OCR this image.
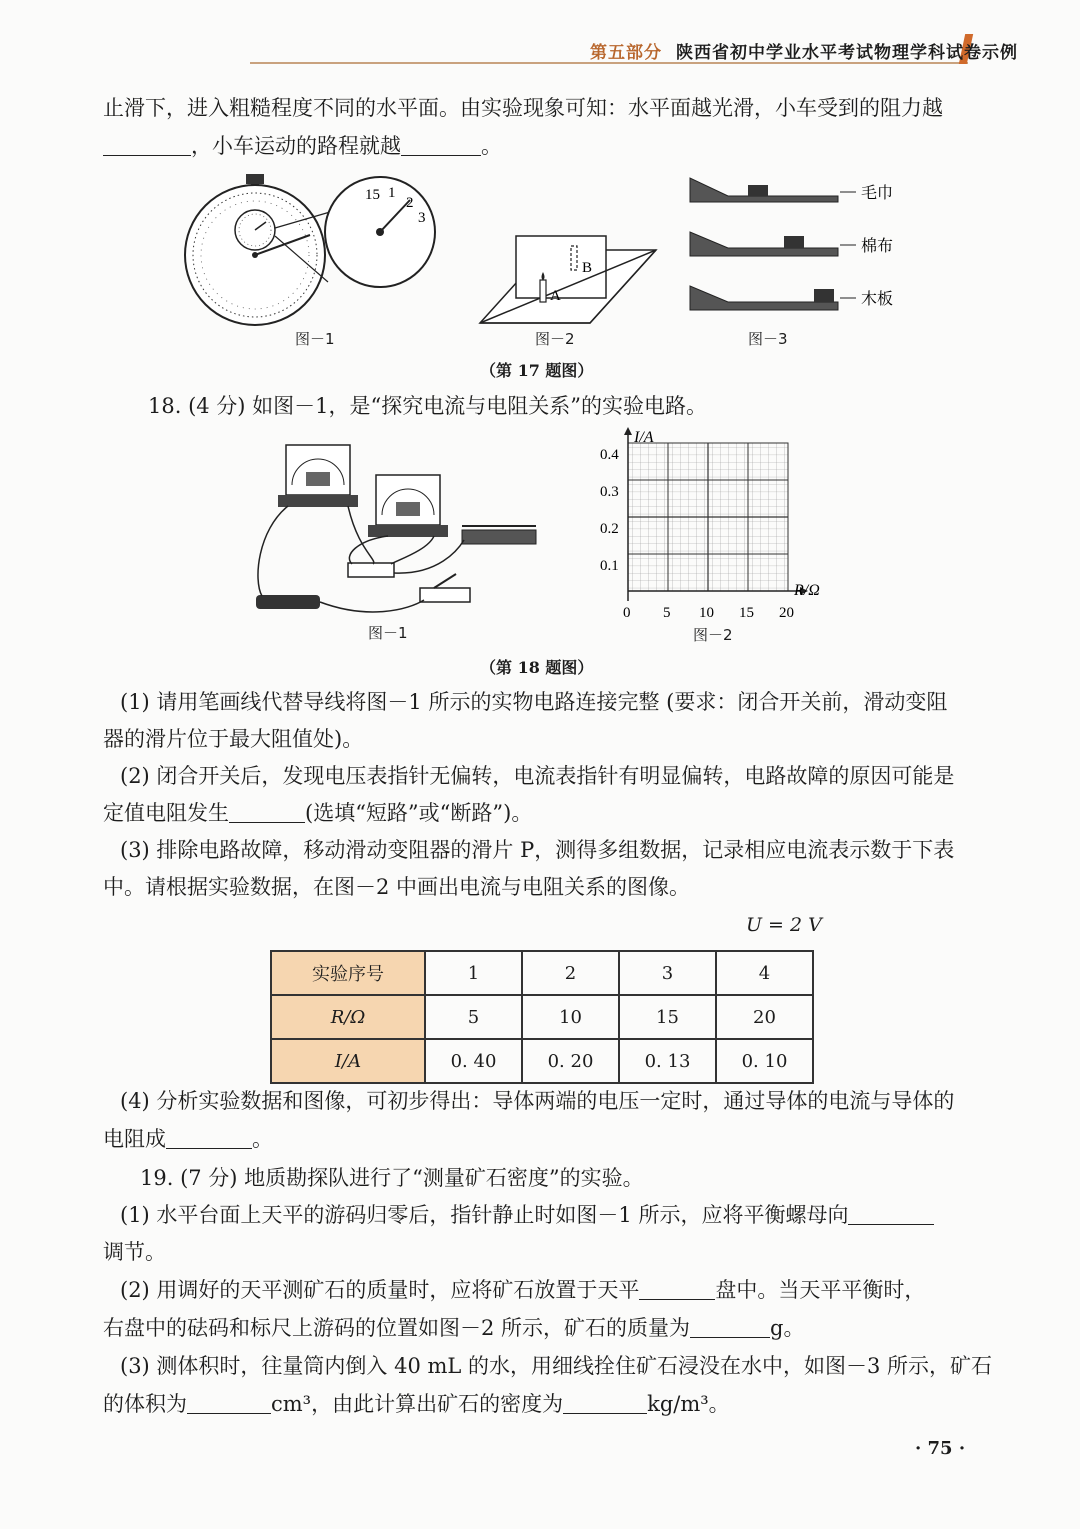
第五部分 陕西省初中学业水平考试物理学科试卷示例
止滑下，进入粗糙程度不同的水平面。由实验现象可知：水平面越光滑，小车受到的阻力越
，小车运动的路程就越	。
15 1
2
3
图－1
A
B
图－2
毛巾
棉布
木板
图－3
（第 17 题图）
18. (4 分) 如图－1，是“探究电流与电阻关系”的实验电路。
图－1
I/A
R/Ω
0.4
0.3
0.2
0.1
0 5 10 15 20
图－2
（第 18 题图）
(1) 请用笔画线代替导线将图－1 所示的实物电路连接完整 (要求：闭合开关前，滑动变阻
器的滑片位于最大阻值处)。
(2) 闭合开关后，发现电压表指针无偏转，电流表指针有明显偏转，电路故障的原因可能是
定值电阻发生	(选填“短路”或“断路”)。
(3) 排除电路故障，移动滑动变阻器的滑片 P，测得多组数据，记录相应电流表示数于下表
中。请根据实验数据，在图－2 中画出电流与电阻关系的图像。
U = 2 V
实验序号	1	2	3	4
R/Ω	5	10	15	20
I/A	0. 40	0. 20	0. 13	0. 10
(4) 分析实验数据和图像，可初步得出：导体两端的电压一定时，通过导体的电流与导体的
电阻成	。
19. (7 分) 地质勘探队进行了“测量矿石密度”的实验。
(1) 水平台面上天平的游码归零后，指针静止时如图－1 所示，应将平衡螺母向
调节。
(2) 用调好的天平测矿石的质量时，应将矿石放置于天平	盘中。当天平平衡时，
右盘中的砝码和标尺上游码的位置如图－2 所示，矿石的质量为	g。
(3) 测体积时，往量筒内倒入 40 mL 的水，用细线拴住矿石浸没在水中，如图－3 所示，矿石
的体积为	cm³，由此计算出矿石的密度为	kg/m³。
· 75 ·
